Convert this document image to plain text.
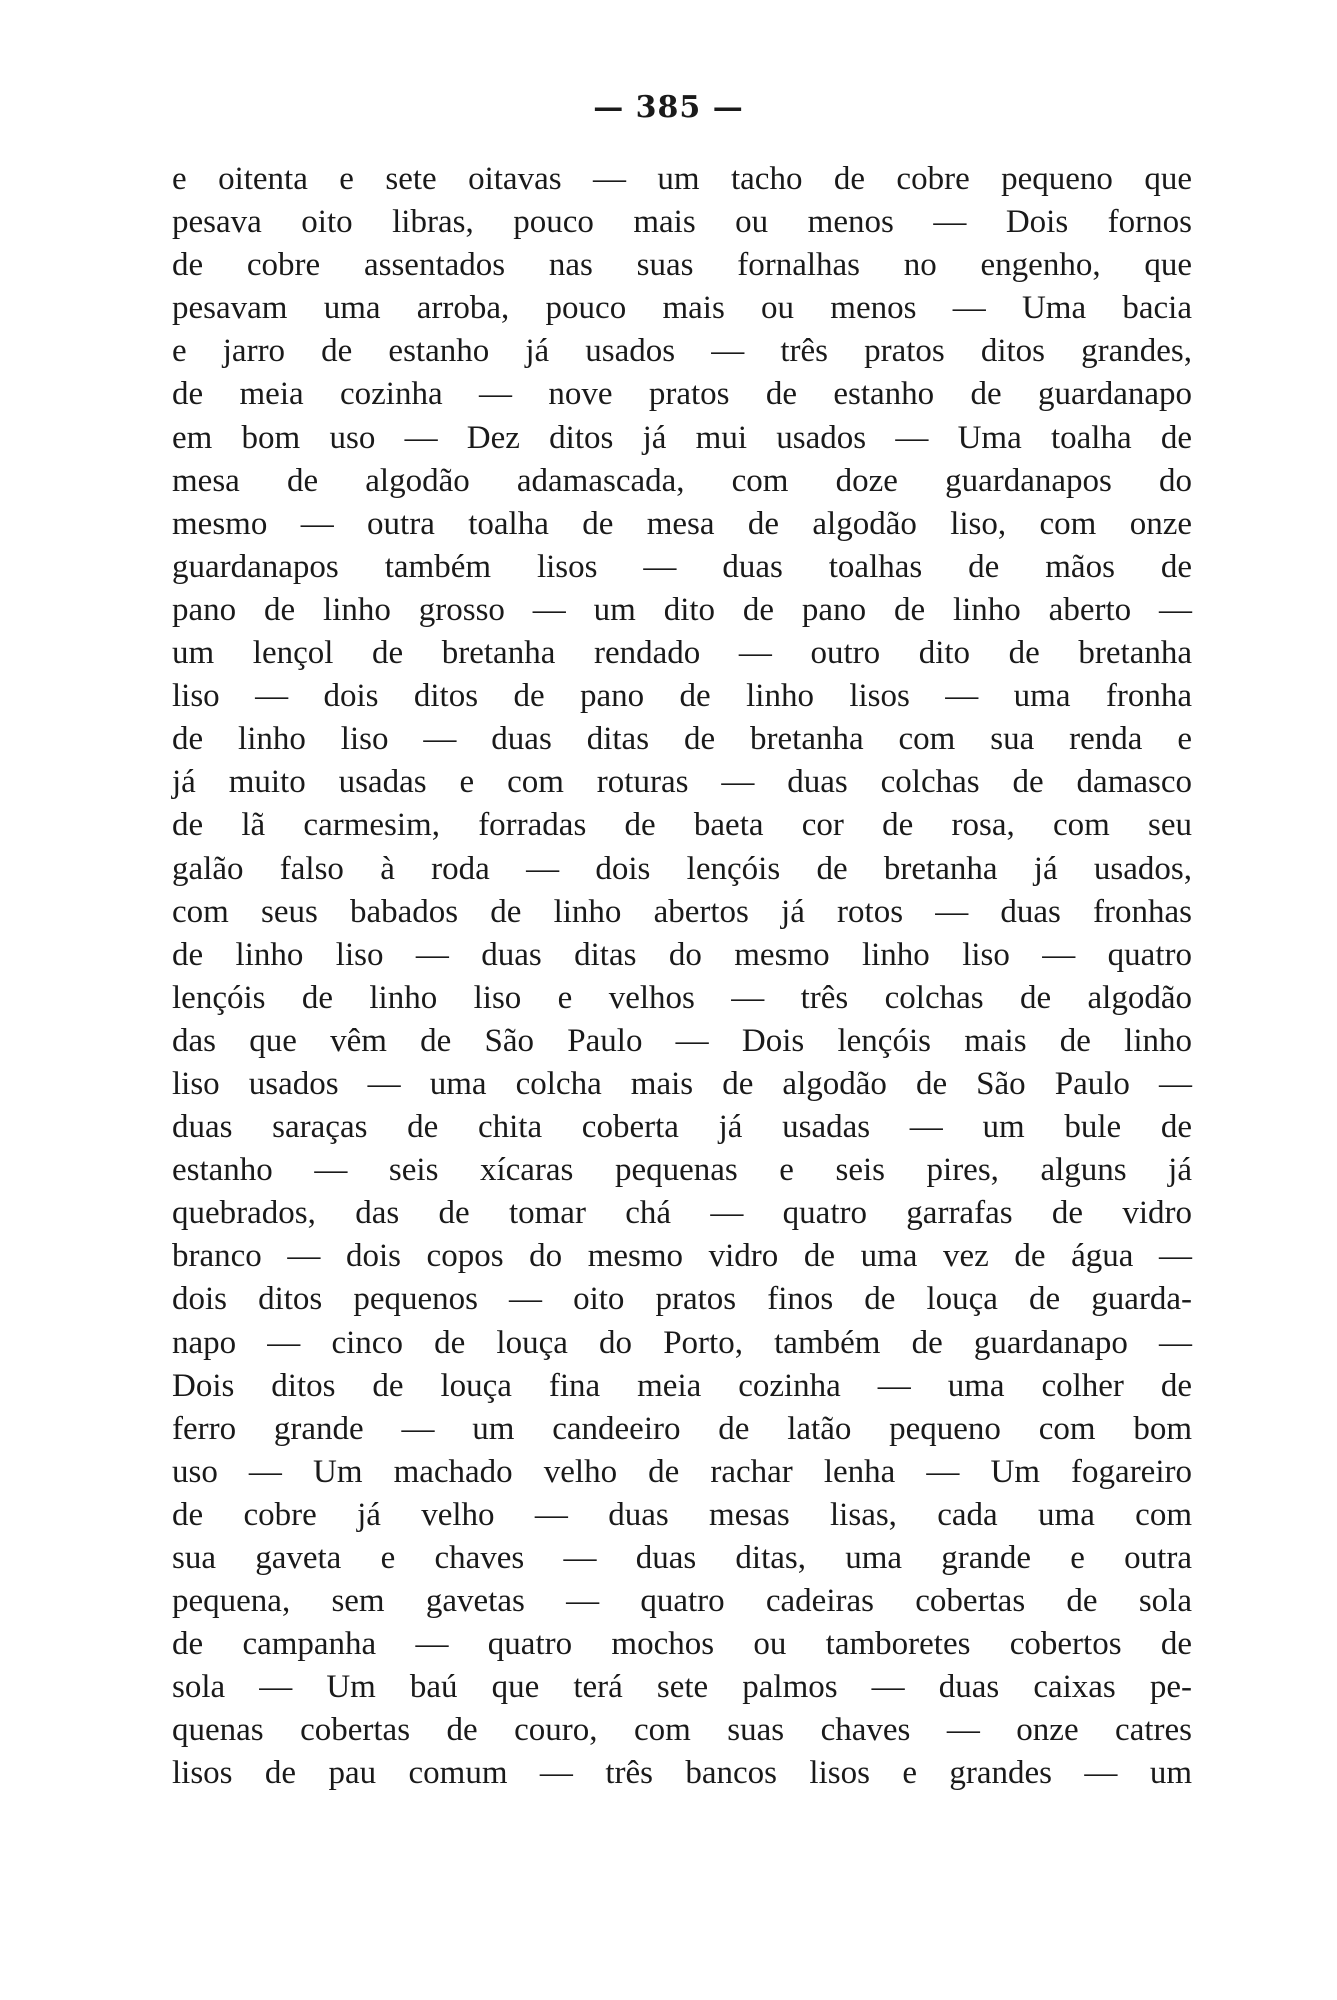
— 385 —
e oitenta e sete oitavas — um tacho de cobre pequeno que
pesava oito libras, pouco mais ou menos — Dois fornos
de cobre assentados nas suas fornalhas no engenho, que
pesavam uma arroba, pouco mais ou menos — Uma bacia
e jarro de estanho já usados — três pratos ditos grandes,
de meia cozinha — nove pratos de estanho de guardanapo
em bom uso — Dez ditos já mui usados — Uma toalha de
mesa de algodão adamascada, com doze guardanapos do
mesmo — outra toalha de mesa de algodão liso, com onze
guardanapos também lisos — duas toalhas de mãos de
pano de linho grosso — um dito de pano de linho aberto —
um lençol de bretanha rendado — outro dito de bretanha
liso — dois ditos de pano de linho lisos — uma fronha
de linho liso — duas ditas de bretanha com sua renda e
já muito usadas e com roturas — duas colchas de damasco
de lã carmesim, forradas de baeta cor de rosa, com seu
galão falso à roda — dois lençóis de bretanha já usados,
com seus babados de linho abertos já rotos — duas fronhas
de linho liso — duas ditas do mesmo linho liso — quatro
lençóis de linho liso e velhos — três colchas de algodão
das que vêm de São Paulo — Dois lençóis mais de linho
liso usados — uma colcha mais de algodão de São Paulo —
duas saraças de chita coberta já usadas — um bule de
estanho — seis xícaras pequenas e seis pires, alguns já
quebrados, das de tomar chá — quatro garrafas de vidro
branco — dois copos do mesmo vidro de uma vez de água —
dois ditos pequenos — oito pratos finos de louça de guarda-
napo — cinco de louça do Porto, também de guardanapo —
Dois ditos de louça fina meia cozinha — uma colher de
ferro grande — um candeeiro de latão pequeno com bom
uso — Um machado velho de rachar lenha — Um fogareiro
de cobre já velho — duas mesas lisas, cada uma com
sua gaveta e chaves — duas ditas, uma grande e outra
pequena, sem gavetas — quatro cadeiras cobertas de sola
de campanha — quatro mochos ou tamboretes cobertos de
sola — Um baú que terá sete palmos — duas caixas pe-
quenas cobertas de couro, com suas chaves — onze catres
lisos de pau comum — três bancos lisos e grandes — um
